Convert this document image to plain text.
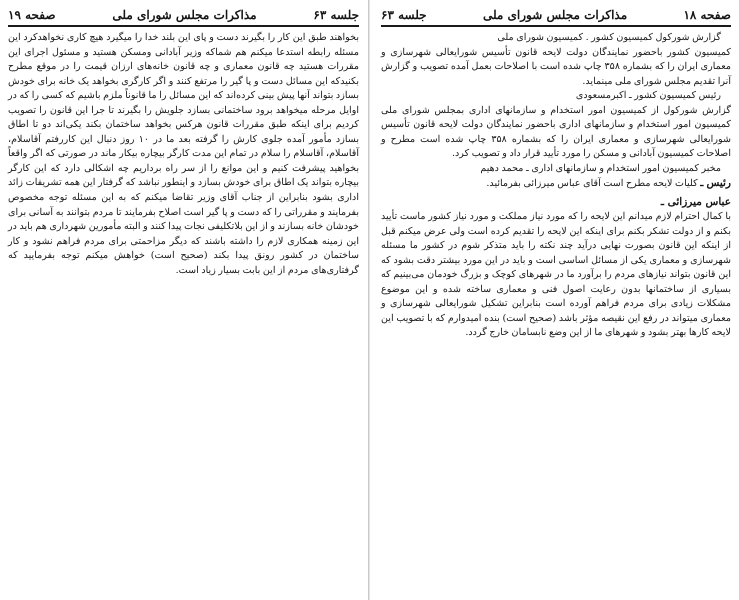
جلسه ۶۳
مذاکرات مجلس شورای ملی
صفحه ۱۹

بخواهند طبق این کار را بگیرند دست و پای این بلند خدا را میگیرد هیچ کاری نخواهدکرد این مسئله رابطه استدعا میکنم هم شماکه وزیر آبادانی ومسکن هستید و مسئول اجرای این مقررات هستید چه قانون معماری و چه قانون خانه‌های ارزان قیمت را در موقع مطرح بکنیدکه این مسائل دست و پا گیر را مرتفع کنند و اگر کارگری بخواهد یک خانه برای خودش بسازد بتواند آنها پیش بینی کرده‌اند که این مسائل را ما قانوناً ملزم باشیم که کسی را که در اوایل مرحله میخواهد برود ساختمانی بسازد جلویش را بگیرند تا جرا این قانون را تصویب کردیم برای اینکه طبق مقررات قانون هرکس بخواهد ساختمان بکند یکی‌اند دو تا اطاق بسازد مأمور آمده جلوی کارش را گرفته بعد ما در ۱۰ روز دنبال این کاررفتم آقاسلام، آقاسلام، آقاسلام را سلام در تمام این مدت کارگر بیچاره بیکار ماند در صورتی که اگر واقعاً بخواهید پیشرفت کنیم و این موانع را از سر راه برداریم چه اشکالی دارد که این کارگر بیچاره بتواند یک اطاق برای خودش بسازد و اینطور نباشد که گرفتار این همه تشریفات زائد اداری بشود بنابراین از جناب آقای وزیر تقاضا میکنم که به این مسئله توجه مخصوص بفرمایند و مقرراتی را که دست و پا گیر است اصلاح بفرمایند تا مردم بتوانند به آسانی برای خودشان خانه بسازند و از این بلاتکلیفی نجات پیدا کنند و البته مأمورین شهرداری هم باید در این زمینه همکاری لازم را داشته باشند که دیگر مزاحمتی برای مردم فراهم نشود و کار ساختمان در کشور رونق پیدا بکند (صحیح است) خواهش میکنم توجه بفرمایید که گرفتاری‌های مردم از این بابت بسیار زیاد است.

صفحه ۱۸
مذاکرات مجلس شورای ملی
جلسه ۶۳

گزارش شورکول کمیسیون کشور . کمیسیون شورای ملی

کمیسیون کشور باحضور نمایندگان دولت لایحه قانون تأسیس شورایعالی شهرسازی و معماری ایران را که بشماره ۳۵۸ چاپ شده است با اصلاحات بعمل آمده تصویب و گزارش آنرا تقدیم مجلس شورای ملی مینماید.

رئیس کمیسیون کشور ـ اکبرمسعودی

گزارش شورکول از کمیسیون امور استخدام و سازمانهای اداری بمجلس شورای ملی کمیسیون امور استخدام و سازمانهای اداری باحضور نمایندگان دولت لایحه قانون تأسیس شورایعالی شهرسازی و معماری ایران را که بشماره ۳۵۸ چاپ شده است مطرح و اصلاحات کمیسیون آبادانی و مسکن را مورد تأیید قرار داد و تصویب کرد.

مخبر کمیسیون امور استخدام و سازمانهای اداری ـ محمد دهیم

رئیس ـ کلیات لایحه مطرح است آقای عباس میرزائی بفرمائید.

عباس میرزائی ـ

با کمال احترام لازم میدانم این لایحه را که مورد نیاز مملکت و مورد نیاز کشور ماست تأیید بکنم و از دولت تشکر بکنم برای اینکه این لایحه را تقدیم کرده است ولی عرض میکنم قبل از اینکه این قانون بصورت نهایی درآید چند نکته را باید متذکر شوم در کشور ما مسئله شهرسازی و معماری یکی از مسائل اساسی است و باید در این مورد بیشتر دقت بشود که این قانون بتواند نیازهای مردم را برآورد ما در شهرهای کوچک و بزرگ خودمان می‌بینیم که بسیاری از ساختمانها بدون رعایت اصول فنی و معماری ساخته شده و این موضوع مشکلات زیادی برای مردم فراهم آورده است بنابراین تشکیل شورایعالی شهرسازی و معماری میتواند در رفع این نقیصه مؤثر باشد (صحیح است) بنده امیدوارم که با تصویب این لایحه کارها بهتر بشود و شهرهای ما از این وضع نابسامان خارج گردد.
